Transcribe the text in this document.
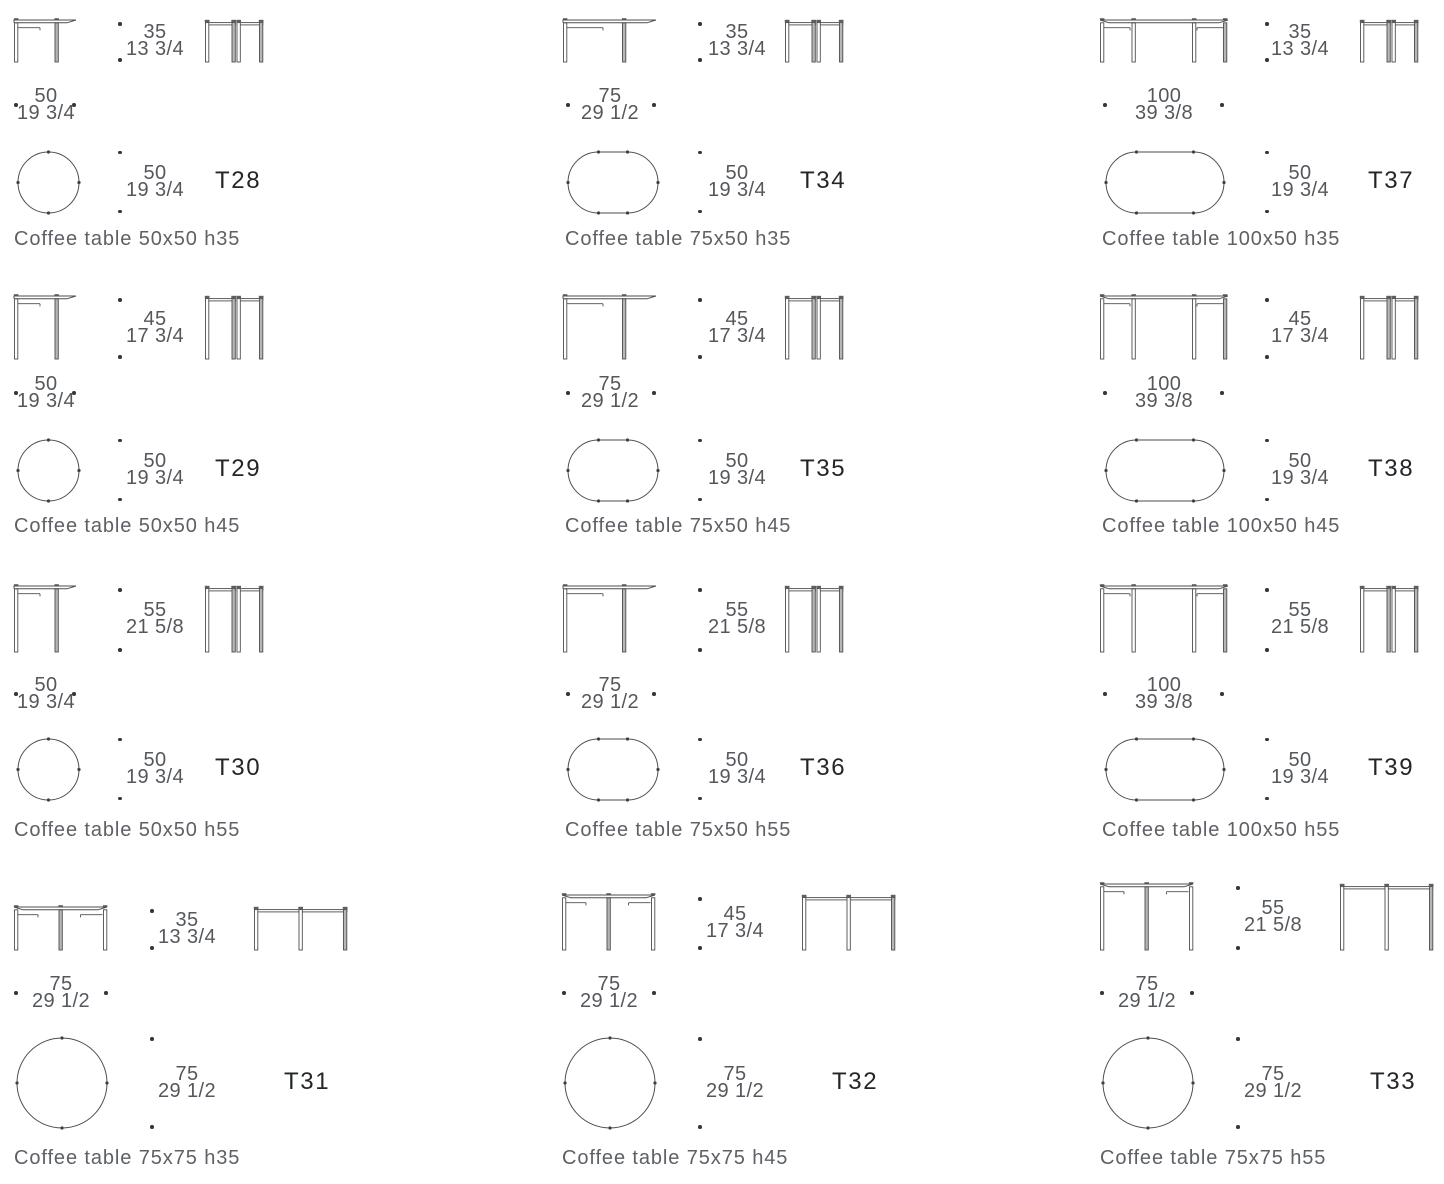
35
13 3/4
50
19 3/4
50
19 3/4	T28
Coffee table 50x50 h35
35
13 3/4
75
29 1/2
50
19 3/4	T34
Coffee table 75x50 h35
35
13 3/4
100
39 3/8
50
19 3/4	T37
Coffee table 100x50 h35
45
17 3/4
50
19 3/4
50
19 3/4	T29
Coffee table 50x50 h45
45
17 3/4
75
29 1/2
50
19 3/4	T35
Coffee table 75x50 h45
45
17 3/4
100
39 3/8
50
19 3/4	T38
Coffee table 100x50 h45
55
21 5/8
50
19 3/4
50
19 3/4	T30
Coffee table 50x50 h55
55
21 5/8
75
29 1/2
50
19 3/4	T36
Coffee table 75x50 h55
55
21 5/8
100
39 3/8
50
19 3/4	T39
Coffee table 100x50 h55
35
13 3/4
75
29 1/2
75
29 1/2	T31
Coffee table 75x75 h35
45
17 3/4
75
29 1/2
75
29 1/2	T32
Coffee table 75x75 h45
55
21 5/8
75
29 1/2
75
29 1/2	T33
Coffee table 75x75 h55
